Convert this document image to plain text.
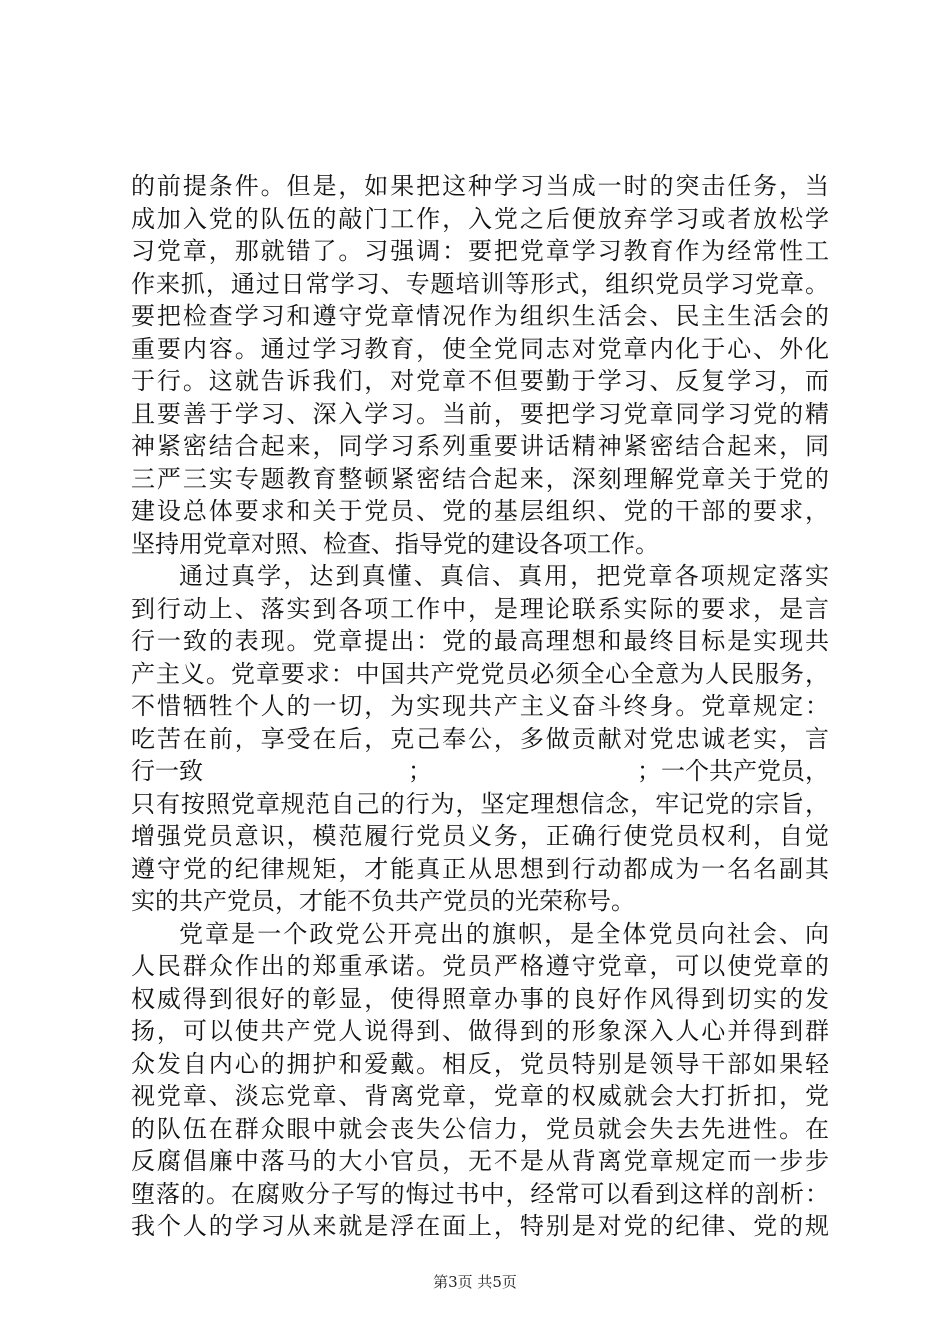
的前提条件。但是，如果把这种学习当成一时的突击任务，当
成加入党的队伍的敲门工作，入党之后便放弃学习或者放松学
习党章，那就错了。习强调：要把党章学习教育作为经常性工
作来抓，通过日常学习、专题培训等形式，组织党员学习党章。
要把检查学习和遵守党章情况作为组织生活会、民主生活会的
重要内容。通过学习教育，使全党同志对党章内化于心、外化
于行。这就告诉我们，对党章不但要勤于学习、反复学习，而
且要善于学习、深入学习。当前，要把学习党章同学习党的精
神紧密结合起来，同学习系列重要讲话精神紧密结合起来，同
三严三实专题教育整顿紧密结合起来，深刻理解党章关于党的
建设总体要求和关于党员、党的基层组织、党的干部的要求，
坚持用党章对照、检查、指导党的建设各项工作。
通过真学，达到真懂、真信、真用，把党章各项规定落实
到行动上、落实到各项工作中，是理论联系实际的要求，是言
行一致的表现。党章提出：党的最高理想和最终目标是实现共
产主义。党章要求：中国共产党党员必须全心全意为人民服务，
不惜牺牲个人的一切，为实现共产主义奋斗终身。党章规定：
吃苦在前，享受在后，克己奉公，多做贡献对党忠诚老实，言
行一致	；	；一个共产党员，
只有按照党章规范自己的行为，坚定理想信念，牢记党的宗旨，
增强党员意识，模范履行党员义务，正确行使党员权利，自觉
遵守党的纪律规矩，才能真正从思想到行动都成为一名名副其
实的共产党员，才能不负共产党员的光荣称号。
党章是一个政党公开亮出的旗帜，是全体党员向社会、向
人民群众作出的郑重承诺。党员严格遵守党章，可以使党章的
权威得到很好的彰显，使得照章办事的良好作风得到切实的发
扬，可以使共产党人说得到、做得到的形象深入人心并得到群
众发自内心的拥护和爱戴。相反，党员特别是领导干部如果轻
视党章、淡忘党章、背离党章，党章的权威就会大打折扣，党
的队伍在群众眼中就会丧失公信力，党员就会失去先进性。在
反腐倡廉中落马的大小官员，无不是从背离党章规定而一步步
堕落的。在腐败分子写的悔过书中，经常可以看到这样的剖析：
我个人的学习从来就是浮在面上，特别是对党的纪律、党的规
第3页 共5页
